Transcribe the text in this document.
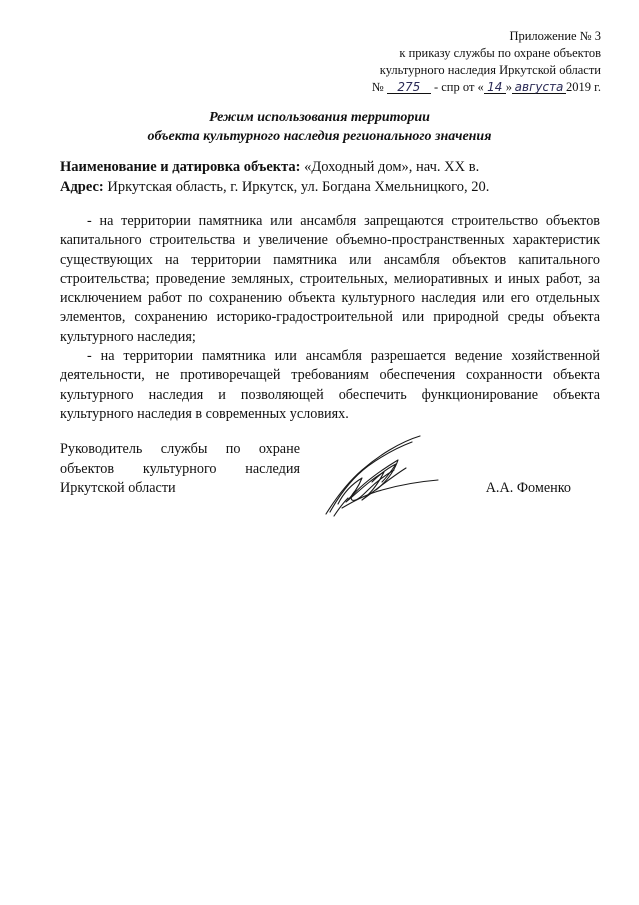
Приложение № 3
к приказу службы по охране объектов
культурного наследия Иркутской области
№ 275 - спр от « 14 » августа 2019 г.
Режим использования территории
объекта культурного наследия регионального значения
Наименование и датировка объекта: «Доходный дом», нач. XX в.
Адрес: Иркутская область, г. Иркутск, ул. Богдана Хмельницкого, 20.

- на территории памятника или ансамбля запрещаются строительство объектов капитального строительства и увеличение объемно-пространственных характеристик существующих на территории памятника или ансамбля объектов капитального строительства; проведение земляных, строительных, мелиоративных и иных работ, за исключением работ по сохранению объекта культурного наследия или его отдельных элементов, сохранению историко-градостроительной или природной среды объекта культурного наследия;

- на территории памятника или ансамбля разрешается ведение хозяйственной деятельности, не противоречащей требованиям обеспечения сохранности объекта культурного наследия и позволяющей обеспечить функционирование объекта культурного наследия в современных условиях.

Руководитель службы по охране
объектов культурного наследия
Иркутской области	А.А. Фоменко
